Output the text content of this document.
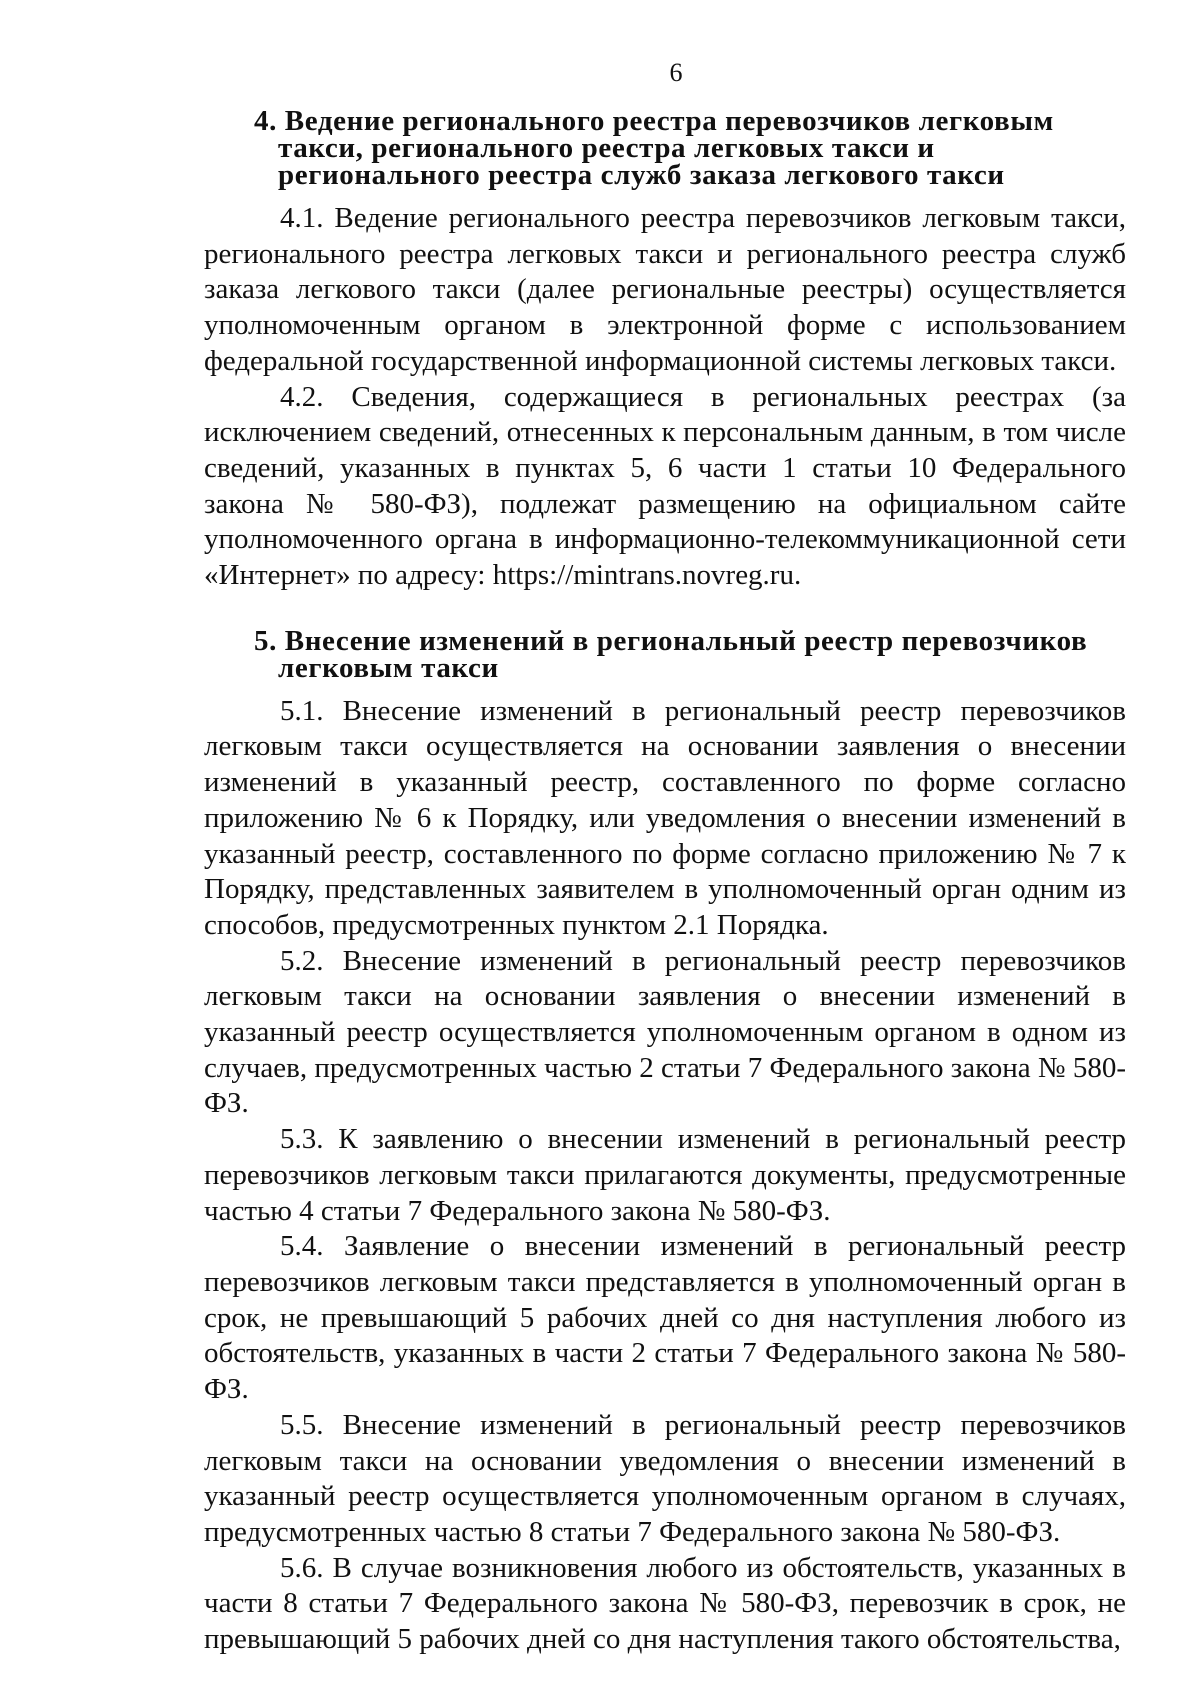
6

4. Ведение регионального реестра перевозчиков легковым такси, регионального реестра легковых такси и регионального реестра служб заказа легкового такси

4.1. Ведение регионального реестра перевозчиков легковым такси, регионального реестра легковых такси и регионального реестра служб заказа легкового такси (далее региональные реестры) осуществляется уполномоченным органом в электронной форме с использованием федеральной государственной информационной системы легковых такси.

4.2. Сведения, содержащиеся в региональных реестрах (за исключением сведений, отнесенных к персональным данным, в том числе сведений, указанных в пунктах 5, 6 части 1 статьи 10 Федерального закона № 580-ФЗ), подлежат размещению на официальном сайте уполномоченного органа в информационно-телекоммуникационной сети «Интернет» по адресу: https://mintrans.novreg.ru.

5. Внесение изменений в региональный реестр перевозчиков легковым такси

5.1. Внесение изменений в региональный реестр перевозчиков легковым такси осуществляется на основании заявления о внесении изменений в указанный реестр, составленного по форме согласно приложению № 6 к Порядку, или уведомления о внесении изменений в указанный реестр, составленного по форме согласно приложению № 7 к Порядку, представленных заявителем в уполномоченный орган одним из способов, предусмотренных пунктом 2.1 Порядка.

5.2. Внесение изменений в региональный реестр перевозчиков легковым такси на основании заявления о внесении изменений в указанный реестр осуществляется уполномоченным органом в одном из случаев, предусмотренных частью 2 статьи 7 Федерального закона № 580-ФЗ.

5.3. К заявлению о внесении изменений в региональный реестр перевозчиков легковым такси прилагаются документы, предусмотренные частью 4 статьи 7 Федерального закона № 580-ФЗ.

5.4. Заявление о внесении изменений в региональный реестр перевозчиков легковым такси представляется в уполномоченный орган в срок, не превышающий 5 рабочих дней со дня наступления любого из обстоятельств, указанных в части 2 статьи 7 Федерального закона № 580-ФЗ.

5.5. Внесение изменений в региональный реестр перевозчиков легковым такси на основании уведомления о внесении изменений в указанный реестр осуществляется уполномоченным органом в случаях, предусмотренных частью 8 статьи 7 Федерального закона № 580-ФЗ.

5.6. В случае возникновения любого из обстоятельств, указанных в части 8 статьи 7 Федерального закона № 580-ФЗ, перевозчик в срок, не превышающий 5 рабочих дней со дня наступления такого обстоятельства,
